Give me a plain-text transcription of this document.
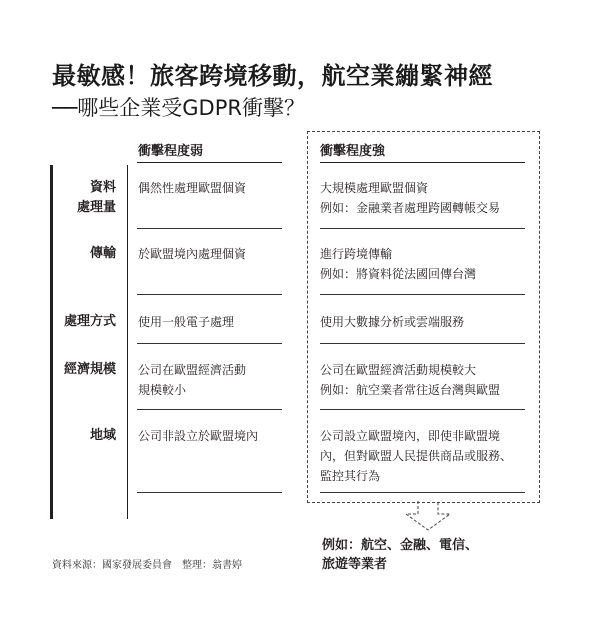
最敏感！旅客跨境移動，航空業繃緊神經
──哪些企業受GDPR衝擊？
衝擊程度弱	衝擊程度強
資料
處理量
傳輸
處理方式
經濟規模
地域
偶然性處理歐盟個資
於歐盟境內處理個資
使用一般電子處理
公司在歐盟經濟活動
規模較小
公司非設立於歐盟境內
大規模處理歐盟個資
例如：金融業者處理跨國轉帳交易
進行跨境傳輸
例如：將資料從法國回傳台灣
使用大數據分析或雲端服務
公司在歐盟經濟活動規模較大
例如：航空業者常往返台灣與歐盟
公司設立歐盟境內，即使非歐盟境
內，但對歐盟人民提供商品或服務、
監控其行為
例如：航空、金融、電信、
旅遊等業者
資料來源：國家發展委員會　整理：翁書婷
